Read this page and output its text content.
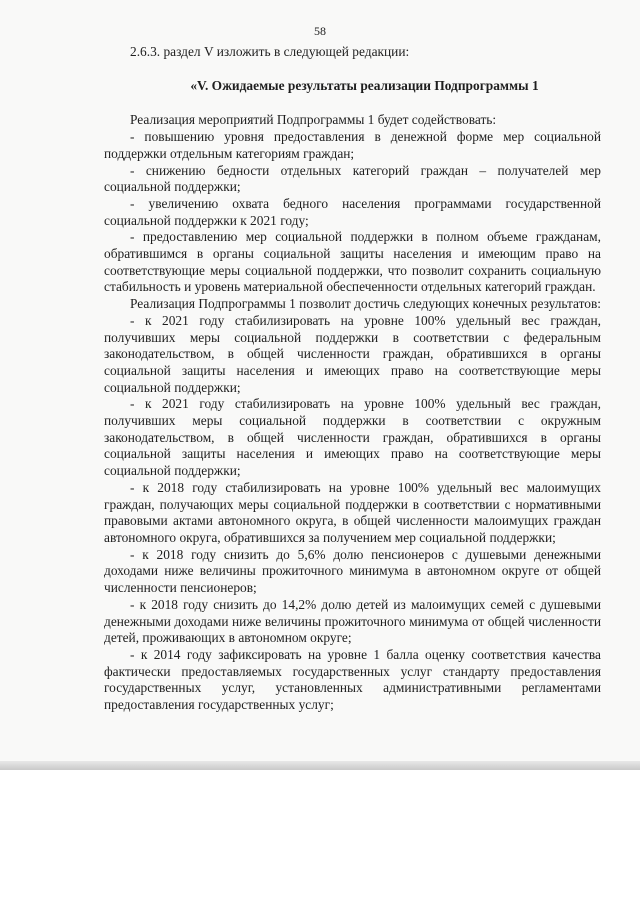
58

2.6.3. раздел V изложить в следующей редакции:

«V. Ожидаемые результаты реализации Подпрограммы 1

Реализация мероприятий Подпрограммы 1 будет содействовать:

- повышению уровня предоставления в денежной форме мер социальной поддержки отдельным категориям граждан;

- снижению бедности отдельных категорий граждан – получателей мер социальной поддержки;

- увеличению охвата бедного населения программами государственной социальной поддержки к 2021 году;

- предоставлению мер социальной поддержки в полном объеме гражданам, обратившимся в органы социальной защиты населения и имеющим право на соответствующие меры социальной поддержки, что позволит сохранить социальную стабильность и уровень материальной обеспеченности отдельных категорий граждан.

Реализация Подпрограммы 1 позволит достичь следующих конечных результатов:

- к 2021 году стабилизировать на уровне 100% удельный вес граждан, получивших меры социальной поддержки в соответствии с федеральным законодательством, в общей численности граждан, обратившихся в органы социальной защиты населения и имеющих право на соответствующие меры социальной поддержки;

- к 2021 году стабилизировать на уровне 100% удельный вес граждан, получивших меры социальной поддержки в соответствии с окружным законодательством, в общей численности граждан, обратившихся в органы социальной защиты населения и имеющих право на соответствующие меры социальной поддержки;

- к 2018 году стабилизировать на уровне 100% удельный вес малоимущих граждан, получающих меры социальной поддержки в соответствии с нормативными правовыми актами автономного округа, в общей численности малоимущих граждан автономного округа, обратившихся за получением мер социальной поддержки;

- к 2018 году снизить до 5,6% долю пенсионеров с душевыми денежными доходами ниже величины прожиточного минимума в автономном округе от общей численности пенсионеров;

- к 2018 году снизить до 14,2% долю детей из малоимущих семей с душевыми денежными доходами ниже величины прожиточного минимума от общей численности детей, проживающих в автономном округе;

- к 2014 году зафиксировать на уровне 1 балла оценку соответствия качества фактически предоставляемых государственных услуг стандарту предоставления государственных услуг, установленных административными регламентами предоставления государственных услуг;
